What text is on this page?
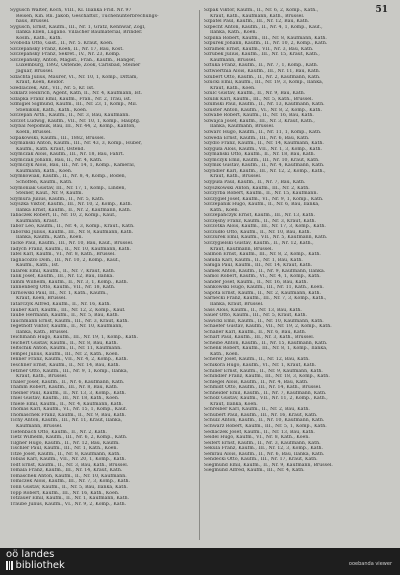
51
Sygusch Walter, Koch, VIII., Kl. Ilianka Frid. Nr. 97
Reisen, Kin. Rn. Jakob, Geschäftsr., Tuchenunterbrechungs-
haus, Brüssel.
Sygusch, Ernst, Kaufm., III., Nr. 1, Gratz, Kennwar, Zögl,
Ilanka Ellen, Lugano. Villacher Baumaterial, Brinder.
Kosm., Kath., Kath.
Svoboda Otto, Gast., II., Nr. 5. Kraut, Koen.
Szczepansky Franz, Koeh, II., Nr. 17, Bau, Kost.
Szczepańsky Franz, Sekret., IV., Nr. 23, Komp.
Szczepańsky, Anton, Magist., Fran., Kaufm., Hanger,
Luxemburg, 1892, Ostende, Zook, Carlsbad, Steiner
Jaguar, Brüssel.
Szlachta Julius, Maurer, VI., Nr. 10, 1, Komp., Dittam,
Kraut, Koen, Keidor.
Szedlaczek, Ant., VII., Nr. 5, Kr. Ist.
Szklarz Heinrich, Agent, Kath, II., Nr. 4, Kaufmann, Ist.
Szlapka Franz Emil, Kaufm., Fran., Nr. 2, Trau, ist.
Szmigiel Sigmund, Kaufm., III., Nr. 23, 1, Komp., Mil.
Stieniksik, Kath., Kath., Koen.
Szczepan Arth., Kaufm., II., Nr. 3, Bau, Kaufmann.
Szczot Ludwig, Kaufm., VII., Nr. 10, 1, Komp., Hauptg.
Szybal Nepomuk, Bau, III., Nr. 44, 2, Komp., Kanton,
Koeln, Brüssel.
Szpakowski, Kaufm., III., 1882, Brüssel.
Szymanski Anton, Kaufm., III., Nr. 43, 3, Komp., Huber,
Kaufm., Kath. Kraut, Ostend.
Szymczak Alois, Kaufm., III., Nr. 18, Bau, Fahrt.
Szymczak Johann, Bau, II., Nr. 4, Kath.
Szymczyk Alois, Bau, III., Nr. 14, 1, Komp., Kameral,
Kaufmann, Kath., Koen.
Szymkowiak, Kaufm., II., Nr. 8, 4, Komp., Boden,
Schöffen, Kaufm., Kath.
Szymoniak Gustav, III., Nr. 17, 1, Komp., Linden,
Steiner, Kauf., Nr. 9, Kaufm.
Szymura Julius, Kaufm., II., Nr. 5, Kath.
Szyszka Viktor, Kaufm., III., Nr. 10, 2, Komp., Kath.
Ilanka Ernst, Kaufm., II., Nr. 2, Kaufmann, Kath.
Tabaczek Robert, II., Nr. 10, 2, Komp., Kauf.,
Kaufmann, Kraut.
Tabor Leo, Kaufm., II., Nr. 4, 3, Komp., Kraut., Kath.
Taborski Julius, Kaufm., III., Nr. 8, Kaufmann, Kath.
Ilanka, Kaufm., Kath., Koen.
Tacke Paul, Kaufm., III., Nr. 10, Bau, Kauf., Brüssel.
Tadych Franz, Kaufm., II., Nr. 10, Kaufmann, Kath.
Tafel Karl, Kaufm., VI., Nr. 8, Kath., Brüssel.
Tagliacozzo Dom., III., Nr. 10, 2, Komp., Kauf.,
Kaufm., Kath., Ist.
Talarek Emil, Kaufm., II., Nr. 7, Kraut, Kath.
Talik Josef, Kaufm., III., Nr. 12, Bau, Ilanka.
Tamm Wilhelm, Kaufm., II., Nr. 3, 1, Komp., Kath.
Tannenberg Otto, Kaufm., VII., Nr. 18, Kath.
Tarnowski Paul, III., Nr. 1, Kath., Kaufm.,
Kraut, Koen, Brüssel.
Tatarczyk Alfred, Kaufm., II., Nr. 16, Kath.
Tauber Karl, Kaufm., III., Nr. 12, 2, Komp., Kauf.
Taube Hermann, Kaufm., II., Nr. 5, Bau, Kath.
Tauchmann Ernst, Kaufm., III., Nr. 3, Kraut, Kath.
Tegethoff Viktor, Kaufm., II., Nr. 10, Kaufmann,
Ilanka, Kath., Brüssel.
Teichmann Hugo, Kaufm., III., Nr. 19, 1, Komp., Kath.
Teichert Gustav, Kaufm., II., Nr. 8, Bau, Kath.
Teltschik Anton, Kaufm., II., Nr. 11, Kaufmann.
Tempel Julius, Kaufm., III., Nr. 2, Kath., Koen.
Tenner Franz, Kaufm., VII., Nr. 4, 2, Komp., Kath.
Teschner Ernst, Kaufm., II., Nr. 14, Bau, Kath.
Tetzner Otto, Kaufm., III., Nr. 9, 1, Komp., Ilanka,
Kraut, Kath., Brüssel.
Thaler Josef, Kaufm., II., Nr. 6, Kaufmann, Kath.
Thamm Robert, Kaufm., III., Nr. 8, Bau, Kath.
Theiner Paul, Kaufm., II., Nr. 13, 3, Komp., Kath.
Thiel Gustav, Kaufm., III., Nr. 18, Kath., Koen.
Thiele Emil, Kaufm., II., Nr. 4, Kaufmann, Kath.
Thomas Karl, Kaufm., VI., Nr. 15, 1, Komp., Kauf.
Thomaschek Franz, Kaufm., II., Nr. 9, Bau, Kath.
Tichy Anton, Kaufm., III., Nr. 11, Kraut, Ilanka,
Kaufmann, Brüssel.
Tiefenbach Otto, Kaufm., II., Nr. 2, Kath.
Tietz Wilhelm, Kaufm., III., Nr. 6, 2, Komp., Kath.
Tilgner Hugo, Kaufm., II., Nr. 12, Bau, Kaufm.
Tischler Paul, Kaufm., III., Nr. 1, Kath., Koen.
Titze Josef, Kaufm., II., Nr. 8, Kaufmann, Kath.
Tobias Karl, Kaufm., VII., Nr. 20, 1, Komp., Kath.
Todt Ernst, Kaufm., II., Nr. 3, Bau, Kath., Brüssel.
Tomala Franz, Kaufm., III., Nr. 14, Kraut, Kath.
Tomaschek Anton, Kaufm., II., Nr. 10, Kaufmann.
Tomiczek Alois, Kaufm., III., Nr. 7, 3, Komp., Kath.
Tonn Gustav, Kaufm., II., Nr. 5, Bau, Ilanka, Kath.
Topp Robert, Kaufm., III., Nr. 16, Kath., Koen.
Totzauer Emil, Kaufm., II., Nr. 1, Kaufmann, Kath.
Traube Julius, Kaufm., VI., Nr. 9, 2, Komp., Kath.
Szpak Viktor, Kaufm., II., Nr. 6, 2, Komp., Kath.,
Kraut, Kath., Kaufmann, Kath., Brüssel.
Szpatel Paul, Kaufm., III., Nr. 12, Bau, Kath.
Szpecht Anton, Kaufm., II., Nr. 4, 1, Komp., Kauf.,
Ilanka, Kath., Koen.
Szpilka Robert, Kaufm., III., Nr. 8, Kaufmann, Kath.
Szpurek Johann, Kaufm., II., Nr. 10, 2, Komp., Kath.
Szramek Ernst, Kaufm., VII., Nr. 3, Bau, Kath.
Szrubek Julius, Kaufm., III., Nr. 15, Kraut, Kath.,
Kaufmann, Brüssel.
Sztuka Franz, Kaufm., II., Nr. 7, 1, Komp., Kath.
Sztwiertnia Alois, Kaufm., III., Nr. 11, Bau, Kath.
Szubert Otto, Kaufm., II., Nr. 2, Kaufmann, Kath.
Szucki Emil, Kaufm., III., Nr. 19, 3, Komp., Ilanka,
Kraut, Kath., Koen.
Szulc Gustav, Kaufm., II., Nr. 9, Bau, Kath.
Szulik Karl, Kaufm., III., Nr. 5, Kath., Brüssel.
Szumski Paul, Kaufm., II., Nr. 13, Kaufmann, Kath.
Szuster Anton, Kaufm., VI., Nr. 8, 2, Komp., Kath.
Szwabe Robert, Kaufm., II., Nr. 16, Bau, Kath.
Szwajca Josef, Kaufm., III., Nr. 3, Kraut, Kath.,
Ilanka, Kaufmann, Brüssel.
Szwarc Hugo, Kaufm., II., Nr. 11, 1, Komp., Kath.
Szweda Ernst, Kaufm., III., Nr. 6, Bau, Kath.
Szydlo Franz, Kaufm., II., Nr. 14, Kaufmann, Kath.
Szyguła Alois, Kaufm., VII., Nr. 1, 3, Komp., Kath.
Szymański Otto, Kaufm., II., Nr. 18, Bau, Kath.
Szymczyk Emil, Kaufm., III., Nr. 10, Kraut, Kath.
Szymik Gustav, Kaufm., II., Nr. 4, Kaufmann, Kath.
Szyndler Karl, Kaufm., III., Nr. 12, 2, Komp., Kath.,
Kraut, Kath., Brüssel.
Szypuła Paul, Kaufm., II., Nr. 7, Bau, Kath.
Szyszkowski Anton, Kaufm., III., Nr. 2, Kath.
Szczyrba Robert, Kaufm., II., Nr. 15, Kaufmann.
Szczygieł Josef, Kaufm., VI., Nr. 9, 1, Komp., Kath.
Szczepanik Hugo, Kaufm., II., Nr. 6, Bau, Ilanka,
Kath., Koen.
Szczepańczyk Ernst, Kaufm., III., Nr. 13, Kath.
Szczęsny Franz, Kaufm., II., Nr. 3, Kraut, Kath.
Szczotka Alois, Kaufm., III., Nr. 17, 3, Komp., Kath.
Szczudło Otto, Kaufm., II., Nr. 10, Bau, Kath.
Szczurek Emil, Kaufm., VII., Nr. 5, Kaufmann, Kath.
Szczygielski Gustav, Kaufm., II., Nr. 12, Kath.,
Kraut, Kaufmann, Brüssel.
Salmon Ernst, Kaufm., III., Nr. 8, 2, Komp., Kath.
Sałuda Karl, Kaufm., II., Nr. 1, Bau, Kath.
Saługa Paul, Kaufm., III., Nr. 14, Kraut, Kath.
Samek Anton, Kaufm., II., Nr. 9, Kaufmann, Ilanka.
Samol Robert, Kaufm., VI., Nr. 4, 1, Komp., Kath.
Sander Josef, Kaufm., II., Nr. 16, Bau, Kath.
Sankowski Hugo, Kaufm., III., Nr. 11, Kath., Koen.
Sapota Ernst, Kaufm., II., Nr. 2, Kaufmann, Kath.
Sarnecki Franz, Kaufm., III., Nr. 7, 3, Komp., Kath.,
Ilanka, Kraut, Brüssel.
Sass Alois, Kaufm., II., Nr. 13, Bau, Kath.
Sauer Otto, Kaufm., III., Nr. 5, Kraut, Kath.
Sawicki Emil, Kaufm., II., Nr. 10, Kaufmann, Kath.
Schaefer Gustav, Kaufm., VII., Nr. 19, 2, Komp., Kath.
Schaller Karl, Kaufm., II., Nr. 6, Bau, Kath.
Scharf Paul, Kaufm., III., Nr. 3, Kath., Brüssel.
Scheibe Anton, Kaufm., II., Nr. 15, Kaufmann, Kath.
Schenk Robert, Kaufm., III., Nr. 8, 1, Komp., Ilanka,
Kath., Koen.
Scherer Josef, Kaufm., II., Nr. 12, Bau, Kath.
Schikora Hugo, Kaufm., VI., Nr. 1, Kraut, Kath.
Schiller Ernst, Kaufm., II., Nr. 9, Kaufmann, Kath.
Schindler Franz, Kaufm., III., Nr. 18, 3, Komp., Kath.
Schlegel Alois, Kaufm., II., Nr. 4, Bau, Kath.
Schmidt Otto, Kaufm., III., Nr. 14, Kath., Brüssel.
Schneider Emil, Kaufm., II., Nr. 7, Kaufmann, Kath.
Scholz Gustav, Kaufm., VII., Nr. 11, 2, Komp., Kath.,
Kraut, Ilanka, Koen.
Schreiber Karl, Kaufm., II., Nr. 2, Bau, Kath.
Schubert Paul, Kaufm., III., Nr. 16, Kraut, Kath.
Schulz Anton, Kaufm., II., Nr. 10, Kaufmann, Kath.
Schwarz Robert, Kaufm., III., Nr. 5, 1, Komp., Kath.
Sedlaczek Josef, Kaufm., II., Nr. 13, Bau, Kath.
Seidel Hugo, Kaufm., VI., Nr. 8, Kath., Koen.
Seifert Ernst, Kaufm., II., Nr. 3, Kaufmann, Kath.
Sekula Franz, Kaufm., III., Nr. 12, 3, Komp., Kath.
Semrau Alois, Kaufm., II., Nr. 6, Bau, Ilanka, Kath.
Sendecki Otto, Kaufm., III., Nr. 17, Kraut, Kath.
Siegmund Emil, Kaufm., II., Nr. 9, Kaufmann, Brüssel.
Siegmund Alfred, Kaufm., III., Nr. 4, Kath.
oö landes
bibliothek	ooebanda viewer
